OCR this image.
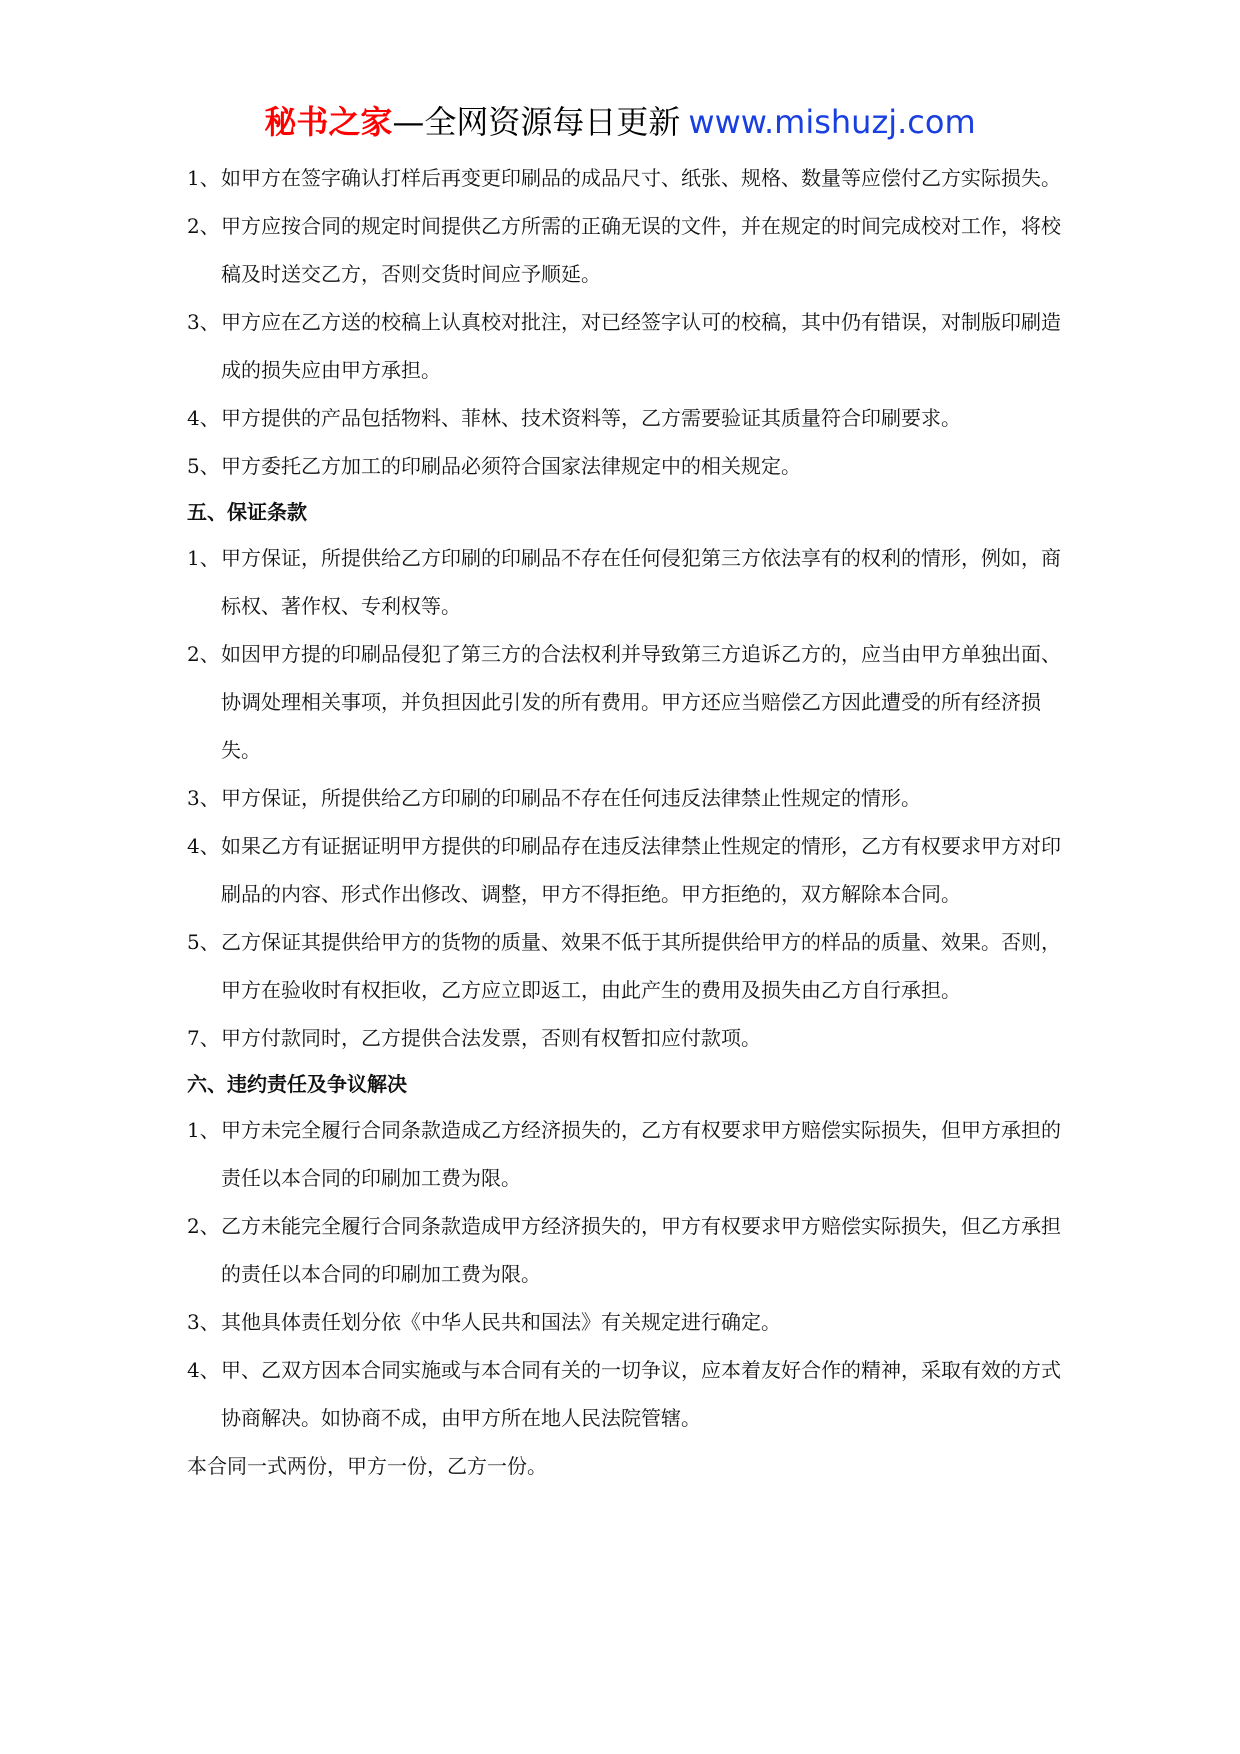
秘书之家—全网资源每日更新 www.mishuzj.com
1、 如甲方在签字确认打样后再变更印刷品的成品尺寸、纸张、规格、数量等应偿付乙方实际损失。
2、 甲方应按合同的规定时间提供乙方所需的正确无误的文件，并在规定的时间完成校对工作，将校稿及时送交乙方，否则交货时间应予顺延。
3、 甲方应在乙方送的校稿上认真校对批注，对已经签字认可的校稿，其中仍有错误，对制版印刷造成的损失应由甲方承担。
4、 甲方提供的产品包括物料、菲林、技术资料等，乙方需要验证其质量符合印刷要求。
5、 甲方委托乙方加工的印刷品必须符合国家法律规定中的相关规定。
五、保证条款
1、 甲方保证，所提供给乙方印刷的印刷品不存在任何侵犯第三方依法享有的权利的情形，例如，商标权、著作权、专利权等。
2、 如因甲方提的印刷品侵犯了第三方的合法权利并导致第三方追诉乙方的，应当由甲方单独出面、协调处理相关事项，并负担因此引发的所有费用。甲方还应当赔偿乙方因此遭受的所有经济损失。
3、 甲方保证，所提供给乙方印刷的印刷品不存在任何违反法律禁止性规定的情形。
4、 如果乙方有证据证明甲方提供的印刷品存在违反法律禁止性规定的情形，乙方有权要求甲方对印刷品的内容、形式作出修改、调整，甲方不得拒绝。甲方拒绝的，双方解除本合同。
5、 乙方保证其提供给甲方的货物的质量、效果不低于其所提供给甲方的样品的质量、效果。否则，甲方在验收时有权拒收，乙方应立即返工，由此产生的费用及损失由乙方自行承担。
7、 甲方付款同时，乙方提供合法发票，否则有权暂扣应付款项。
六、违约责任及争议解决
1、 甲方未完全履行合同条款造成乙方经济损失的，乙方有权要求甲方赔偿实际损失，但甲方承担的责任以本合同的印刷加工费为限。
2、 乙方未能完全履行合同条款造成甲方经济损失的，甲方有权要求甲方赔偿实际损失，但乙方承担的责任以本合同的印刷加工费为限。
3、 其他具体责任划分依《中华人民共和国法》有关规定进行确定。
4、 甲、乙双方因本合同实施或与本合同有关的一切争议，应本着友好合作的精神，采取有效的方式协商解决。如协商不成，由甲方所在地人民法院管辖。
本合同一式两份，甲方一份，乙方一份。
